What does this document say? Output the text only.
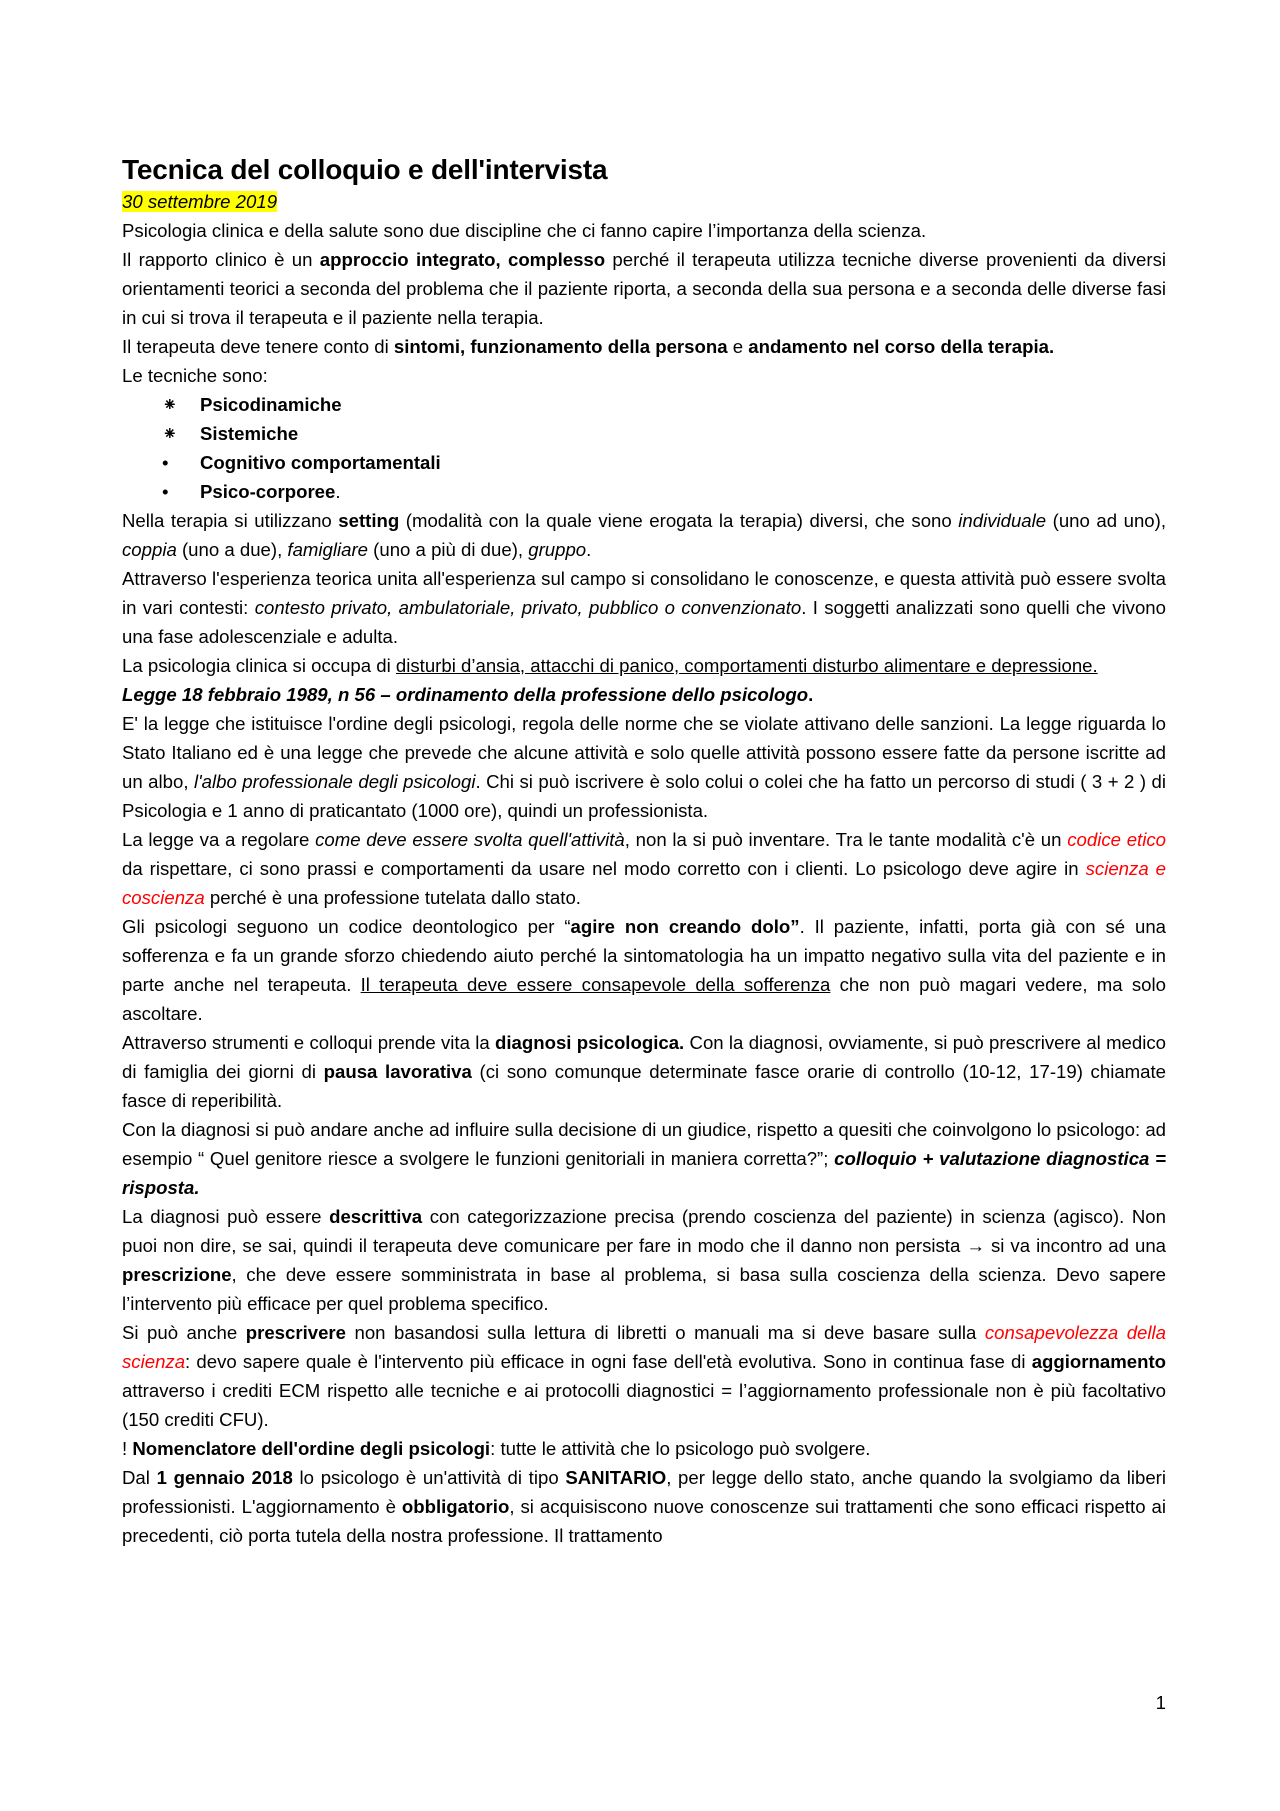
Tecnica del colloquio e dell'intervista

30 settembre 2019

Psicologia clinica e della salute sono due discipline che ci fanno capire l’importanza della scienza.

Il rapporto clinico è un approccio integrato, complesso perché il terapeuta utilizza tecniche diverse provenienti da diversi orientamenti teorici a seconda del problema che il paziente riporta, a seconda della sua persona e a seconda delle diverse fasi in cui si trova il terapeuta e il paziente nella terapia.

Il terapeuta deve tenere conto di sintomi, funzionamento della persona e andamento nel corso della terapia.

Le tecniche sono:

⁕ Psicodinamiche
⁕ Sistemiche
• Cognitivo comportamentali
• Psico-corporee.

Nella terapia si utilizzano setting (modalità con la quale viene erogata la terapia) diversi, che sono individuale (uno ad uno), coppia (uno a due), famigliare (uno a più di due), gruppo.

Attraverso l'esperienza teorica unita all'esperienza sul campo si consolidano le conoscenze, e questa attività può essere svolta in vari contesti: contesto privato, ambulatoriale, privato, pubblico o convenzionato. I soggetti analizzati sono quelli che vivono una fase adolescenziale e adulta.

La psicologia clinica si occupa di disturbi d’ansia, attacchi di panico, comportamenti disturbo alimentare e depressione.

Legge 18 febbraio 1989, n 56 – ordinamento della professione dello psicologo.

E' la legge che istituisce l'ordine degli psicologi, regola delle norme che se violate attivano delle sanzioni. La legge riguarda lo Stato Italiano ed è una legge che prevede che alcune attività e solo quelle attività possono essere fatte da persone iscritte ad un albo, l'albo professionale degli psicologi. Chi si può iscrivere è solo colui o colei che ha fatto un percorso di studi ( 3 + 2 ) di Psicologia e 1 anno di praticantato (1000 ore), quindi un professionista.

La legge va a regolare come deve essere svolta quell'attività, non la si può inventare. Tra le tante modalità c'è un codice etico da rispettare, ci sono prassi e comportamenti da usare nel modo corretto con i clienti. Lo psicologo deve agire in scienza e coscienza perché è una professione tutelata dallo stato.

Gli psicologi seguono un codice deontologico per “agire non creando dolo”. Il paziente, infatti, porta già con sé una sofferenza e fa un grande sforzo chiedendo aiuto perché la sintomatologia ha un impatto negativo sulla vita del paziente e in parte anche nel terapeuta. Il terapeuta deve essere consapevole della sofferenza che non può magari vedere, ma solo ascoltare.

Attraverso strumenti e colloqui prende vita la diagnosi psicologica. Con la diagnosi, ovviamente, si può prescrivere al medico di famiglia dei giorni di pausa lavorativa (ci sono comunque determinate fasce orarie di controllo (10-12, 17-19) chiamate fasce di reperibilità.

Con la diagnosi si può andare anche ad influire sulla decisione di un giudice, rispetto a quesiti che coinvolgono lo psicologo: ad esempio “ Quel genitore riesce a svolgere le funzioni genitoriali in maniera corretta?”; colloquio + valutazione diagnostica = risposta.

La diagnosi può essere descrittiva con categorizzazione precisa (prendo coscienza del paziente) in scienza (agisco). Non puoi non dire, se sai, quindi il terapeuta deve comunicare per fare in modo che il danno non persista → si va incontro ad una prescrizione, che deve essere somministrata in base al problema, si basa sulla coscienza della scienza. Devo sapere l’intervento più efficace per quel problema specifico.

Si può anche prescrivere non basandosi sulla lettura di libretti o manuali ma si deve basare sulla consapevolezza della scienza: devo sapere quale è l'intervento più efficace in ogni fase dell'età evolutiva. Sono in continua fase di aggiornamento attraverso i crediti ECM rispetto alle tecniche e ai protocolli diagnostici = l’aggiornamento professionale non è più facoltativo (150 crediti CFU).

! Nomenclatore dell'ordine degli psicologi: tutte le attività che lo psicologo può svolgere.

Dal 1 gennaio 2018 lo psicologo è un'attività di tipo SANITARIO, per legge dello stato, anche quando la svolgiamo da liberi professionisti. L'aggiornamento è obbligatorio, si acquisiscono nuove conoscenze sui trattamenti che sono efficaci rispetto ai precedenti, ciò porta tutela della nostra professione. Il trattamento

1
